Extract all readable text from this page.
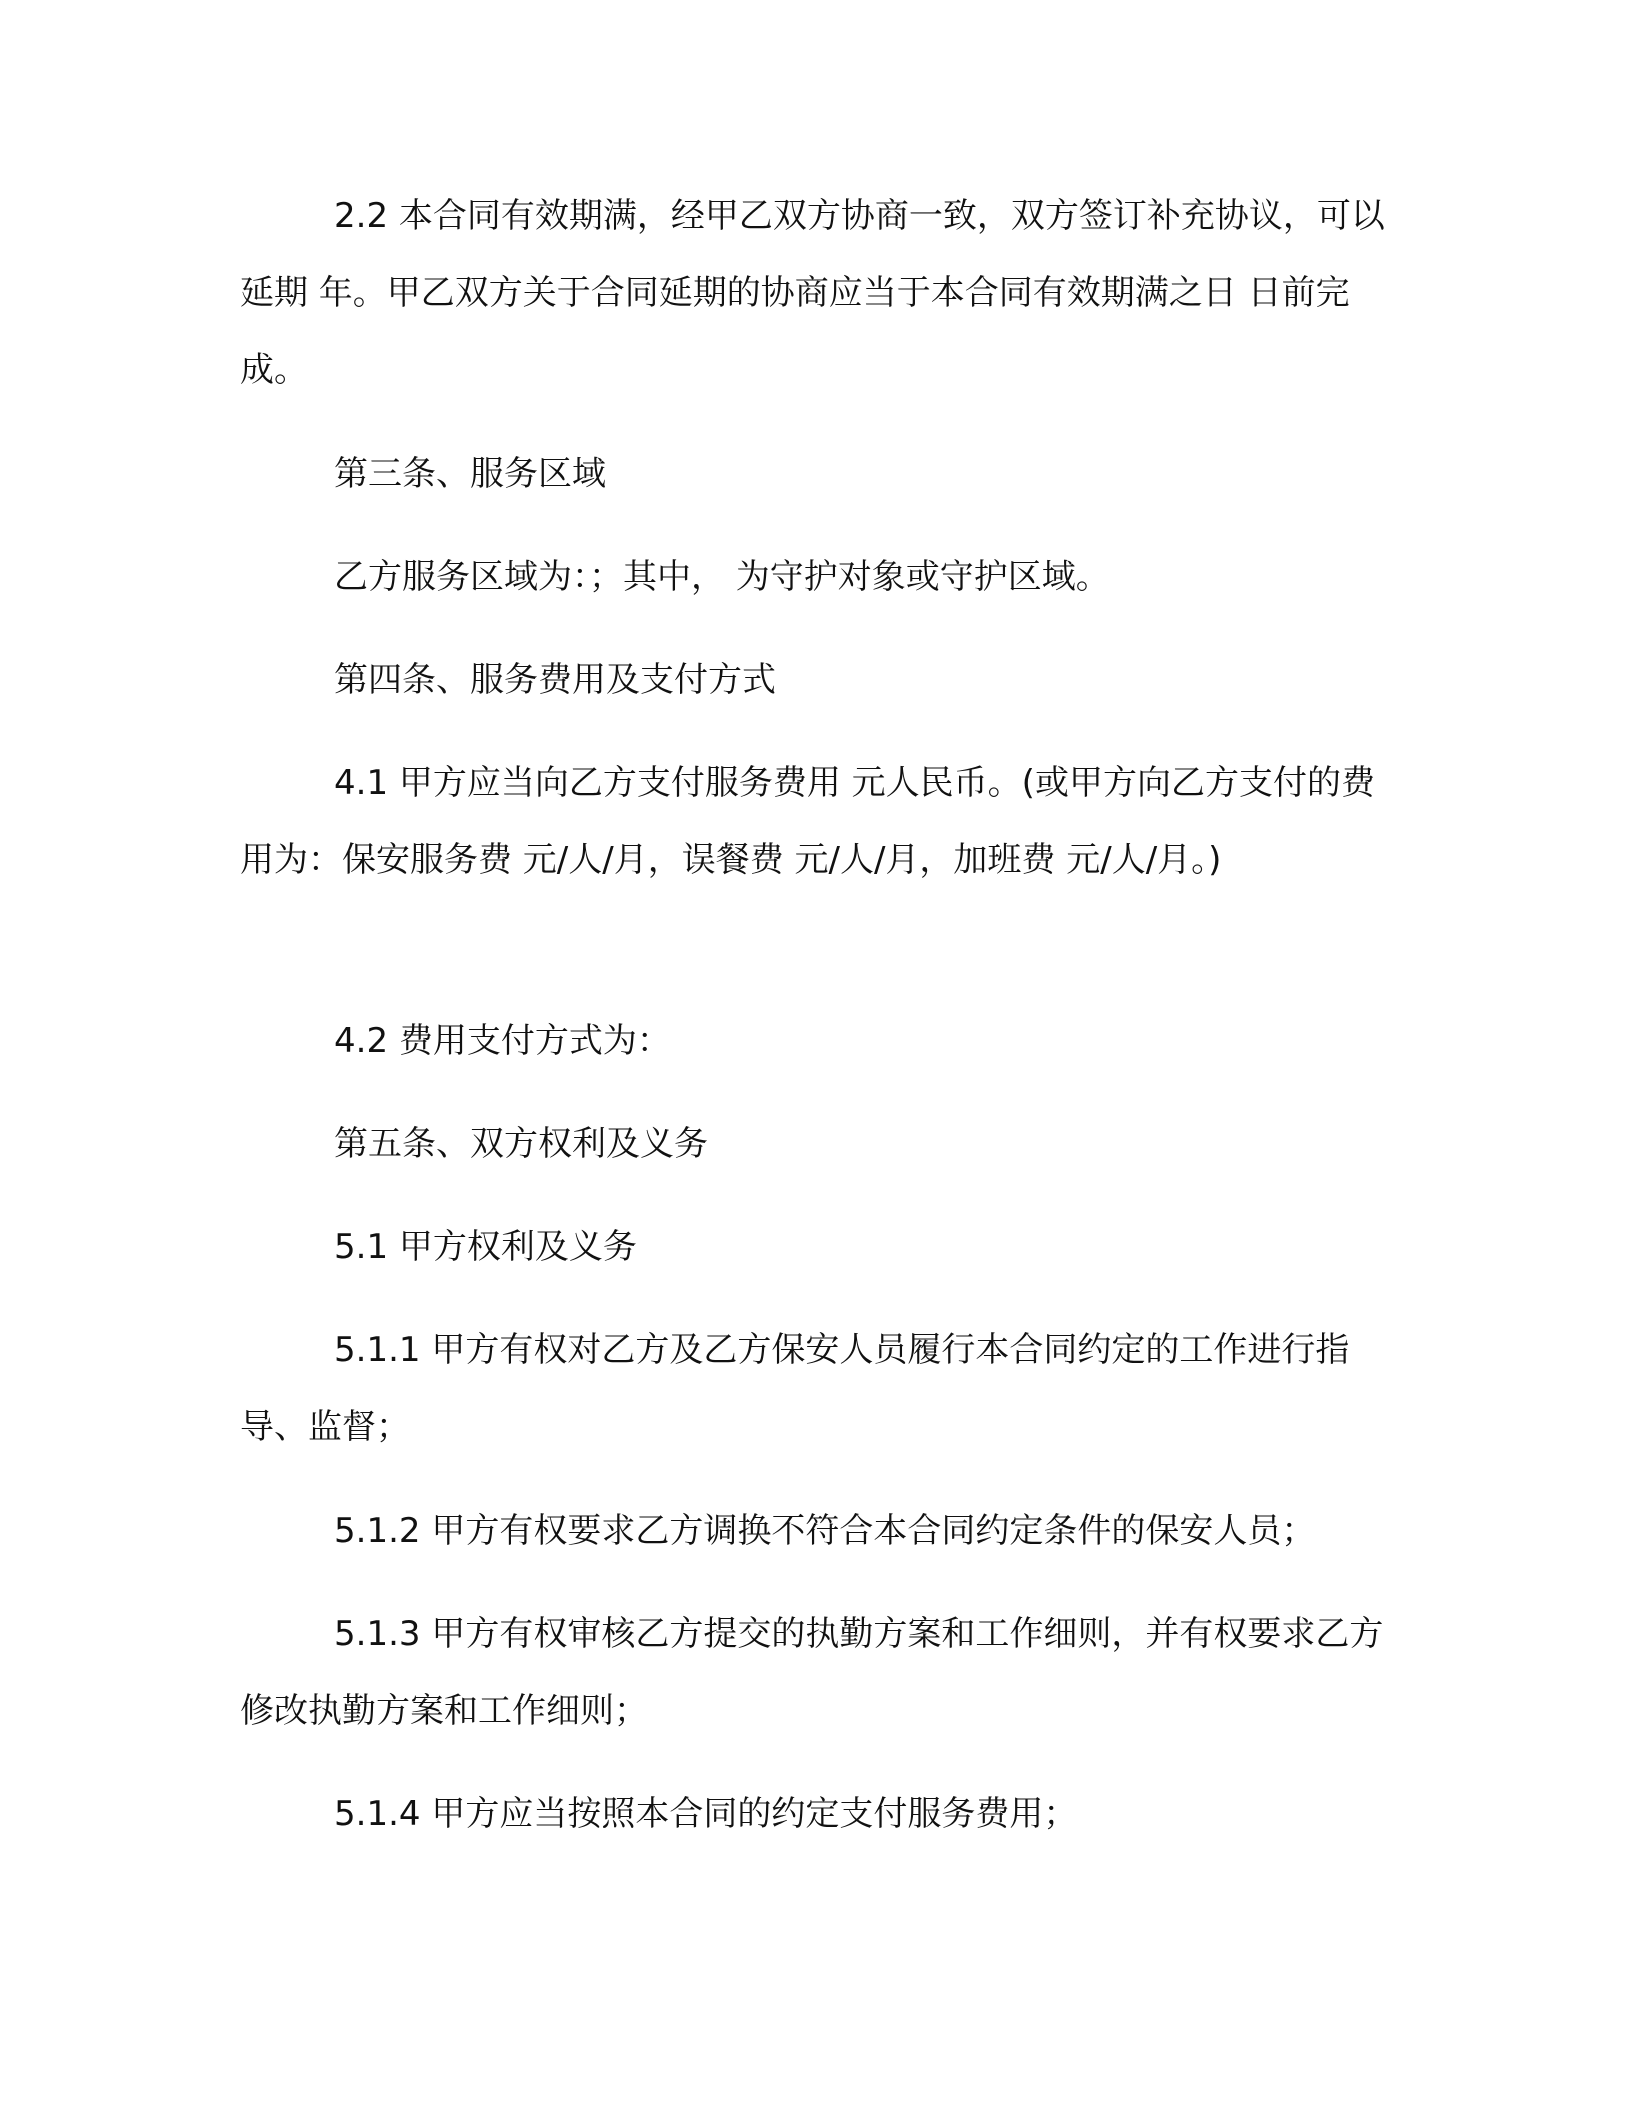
2.2 本合同有效期满，经甲乙双方协商一致，双方签订补充协议，可以延期 年。甲乙双方关于合同延期的协商应当于本合同有效期满之日 日前完成。

第三条、服务区域

乙方服务区域为：；其中， 为守护对象或守护区域。

第四条、服务费用及支付方式

4.1 甲方应当向乙方支付服务费用 元人民币。(或甲方向乙方支付的费用为：保安服务费 元/人/月，误餐费 元/人/月，加班费 元/人/月。)

4.2 费用支付方式为：

第五条、双方权利及义务

5.1 甲方权利及义务

5.1.1 甲方有权对乙方及乙方保安人员履行本合同约定的工作进行指导、监督；

5.1.2 甲方有权要求乙方调换不符合本合同约定条件的保安人员；

5.1.3 甲方有权审核乙方提交的执勤方案和工作细则，并有权要求乙方修改执勤方案和工作细则；

5.1.4 甲方应当按照本合同的约定支付服务费用；
